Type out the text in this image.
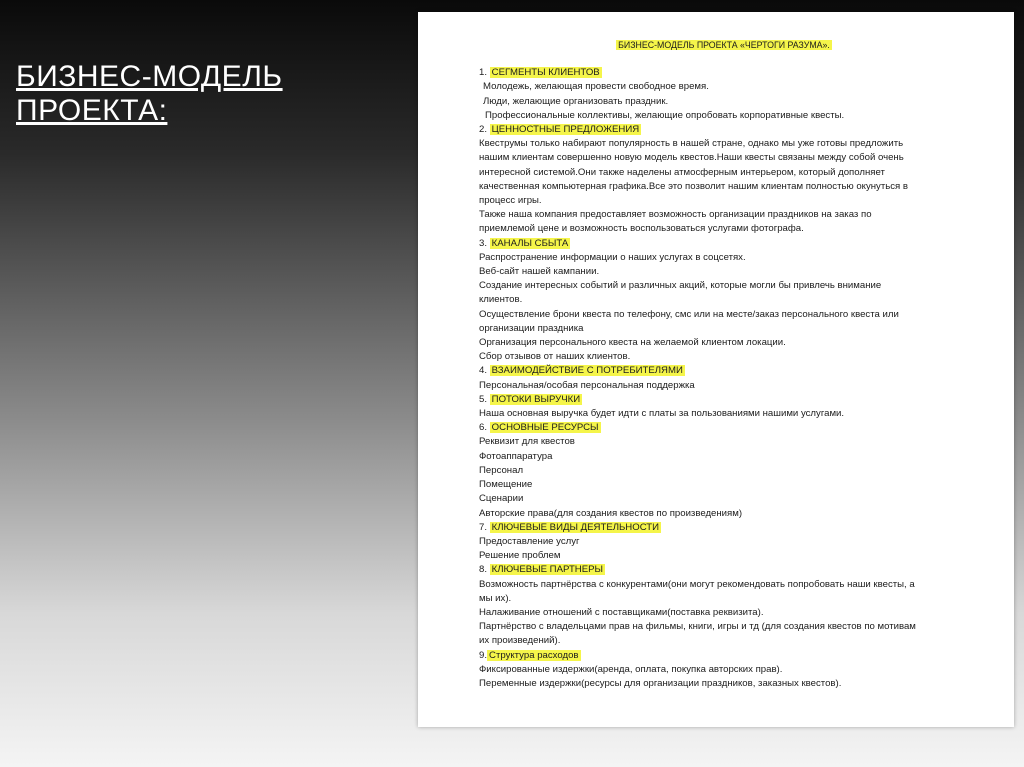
БИЗНЕС-МОДЕЛЬ ПРОЕКТА:
БИЗНЕС-МОДЕЛЬ ПРОЕКТА «ЧЕРТОГИ РАЗУМА».
1. СЕГМЕНТЫ КЛИЕНТОВ
Молодежь, желающая провести свободное время.
Люди, желающие организовать праздник.
Профессиональные коллективы, желающие опробовать корпоративные квесты.
2. ЦЕННОСТНЫЕ ПРЕДЛОЖЕНИЯ
Квеструмы только набирают популярность в нашей стране, однако мы уже готовы предложить
нашим клиентам совершенно новую модель квестов.Наши квесты связаны между собой очень
интересной системой.Они также наделены атмосферным интерьером, который дополняет
качественная компьютерная графика.Все это позволит нашим клиентам полностью окунуться в
процесс игры.
Также наша компания предоставляет возможность организации праздников на заказ по
приемлемой цене и возможность воспользоваться услугами фотографа.
3. КАНАЛЫ СБЫТА
Распространение информации о наших услугах в соцсетях.
Веб-сайт нашей кампании.
Создание интересных событий и различных акций, которые могли бы привлечь внимание
клиентов.
Осуществление брони квеста по телефону, смс или на месте/заказ персонального квеста или
организации праздника
Организация персонального квеста на желаемой клиентом локации.
Сбор отзывов от наших клиентов.
4. ВЗАИМОДЕЙСТВИЕ С ПОТРЕБИТЕЛЯМИ
Персональная/особая персональная поддержка
5. ПОТОКИ ВЫРУЧКИ
Наша основная выручка будет идти с платы за пользованиями нашими услугами.
6. ОСНОВНЫЕ РЕСУРСЫ
Реквизит для квестов
Фотоаппаратура
Персонал
Помещение
Сценарии
Авторские права(для создания квестов по произведениям)
7. КЛЮЧЕВЫЕ ВИДЫ ДЕЯТЕЛЬНОСТИ
Предоставление услуг
Решение проблем
8. КЛЮЧЕВЫЕ ПАРТНЕРЫ
Возможность партнёрства с конкурентами(они могут рекомендовать попробовать наши квесты, а
мы их).
Налаживание отношений с поставщиками(поставка реквизита).
Партнёрство с владельцами прав на фильмы, книги, игры и тд (для создания квестов по мотивам
их произведений).
9. Структура расходов
Фиксированные издержки(аренда, оплата, покупка авторских прав).
Переменные издержки(ресурсы для организации праздников, заказных квестов).
